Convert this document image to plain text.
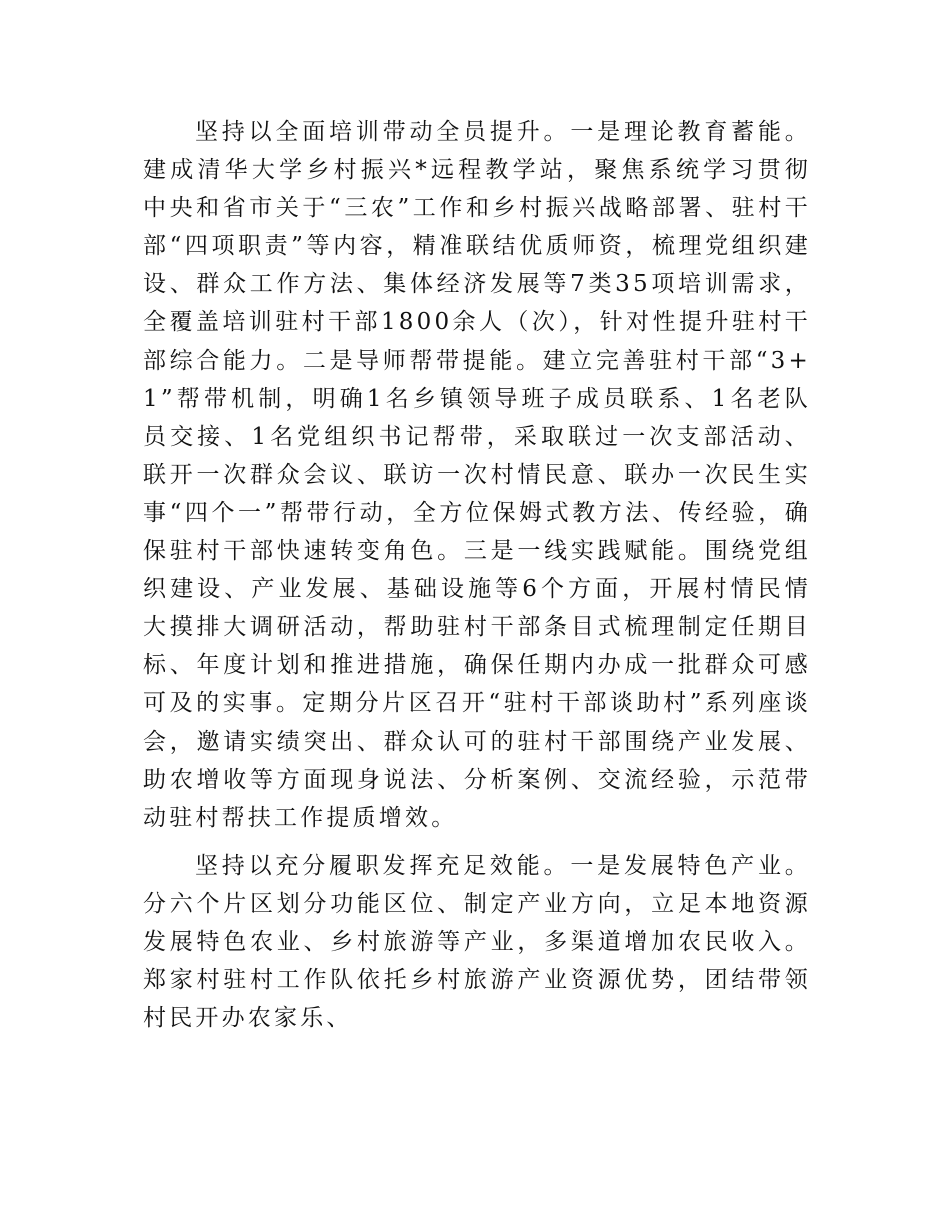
坚持以全面培训带动全员提升。一是理论教育蓄能。建成清华大学乡村振兴*远程教学站，聚焦系统学习贯彻中央和省市关于“三农”工作和乡村振兴战略部署、驻村干部“四项职责”等内容，精准联结优质师资，梳理党组织建设、群众工作方法、集体经济发展等7类35项培训需求，全覆盖培训驻村干部1800余人（次），针对性提升驻村干部综合能力。二是导师帮带提能。建立完善驻村干部“3+1”帮带机制，明确1名乡镇领导班子成员联系、1名老队员交接、1名党组织书记帮带，采取联过一次支部活动、联开一次群众会议、联访一次村情民意、联办一次民生实事“四个一”帮带行动，全方位保姆式教方法、传经验，确保驻村干部快速转变角色。三是一线实践赋能。围绕党组织建设、产业发展、基础设施等6个方面，开展村情民情大摸排大调研活动，帮助驻村干部条目式梳理制定任期目标、年度计划和推进措施，确保任期内办成一批群众可感可及的实事。定期分片区召开“驻村干部谈助村”系列座谈会，邀请实绩突出、群众认可的驻村干部围绕产业发展、助农增收等方面现身说法、分析案例、交流经验，示范带动驻村帮扶工作提质增效。

坚持以充分履职发挥充足效能。一是发展特色产业。分六个片区划分功能区位、制定产业方向，立足本地资源发展特色农业、乡村旅游等产业，多渠道增加农民收入。郑家村驻村工作队依托乡村旅游产业资源优势，团结带领村民开办农家乐、
